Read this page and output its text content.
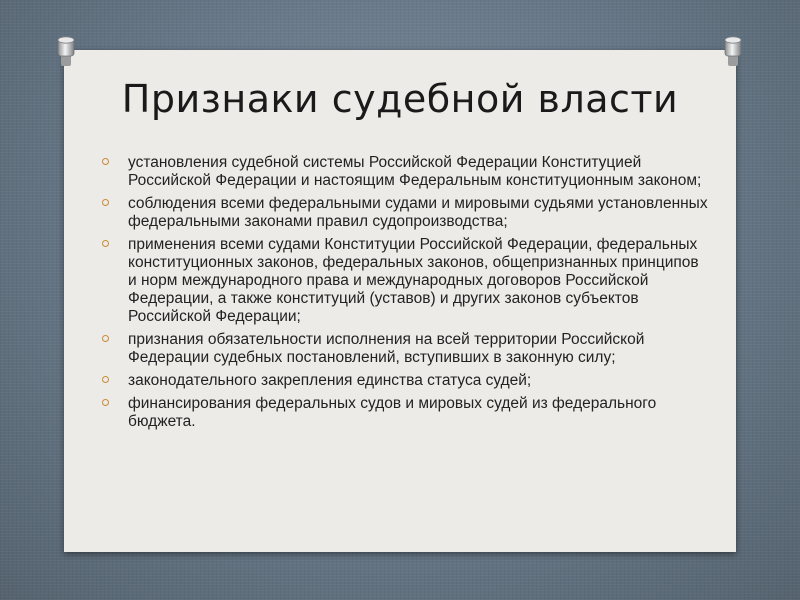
Признаки судебной власти
установления судебной системы Российской Федерации Конституцией Российской Федерации и настоящим Федеральным конституционным законом;
соблюдения всеми федеральными судами и мировыми судьями установленных федеральными законами правил судопроизводства;
применения всеми судами Конституции Российской Федерации, федеральных конституционных законов, федеральных законов, общепризнанных принципов и норм международного права и международных договоров Российской Федерации, а также конституций (уставов) и других законов субъектов Российской Федерации;
признания обязательности исполнения на всей территории Российской Федерации судебных постановлений, вступивших в законную силу;
законодательного закрепления единства статуса судей;
финансирования федеральных судов и мировых судей из федерального бюджета.
